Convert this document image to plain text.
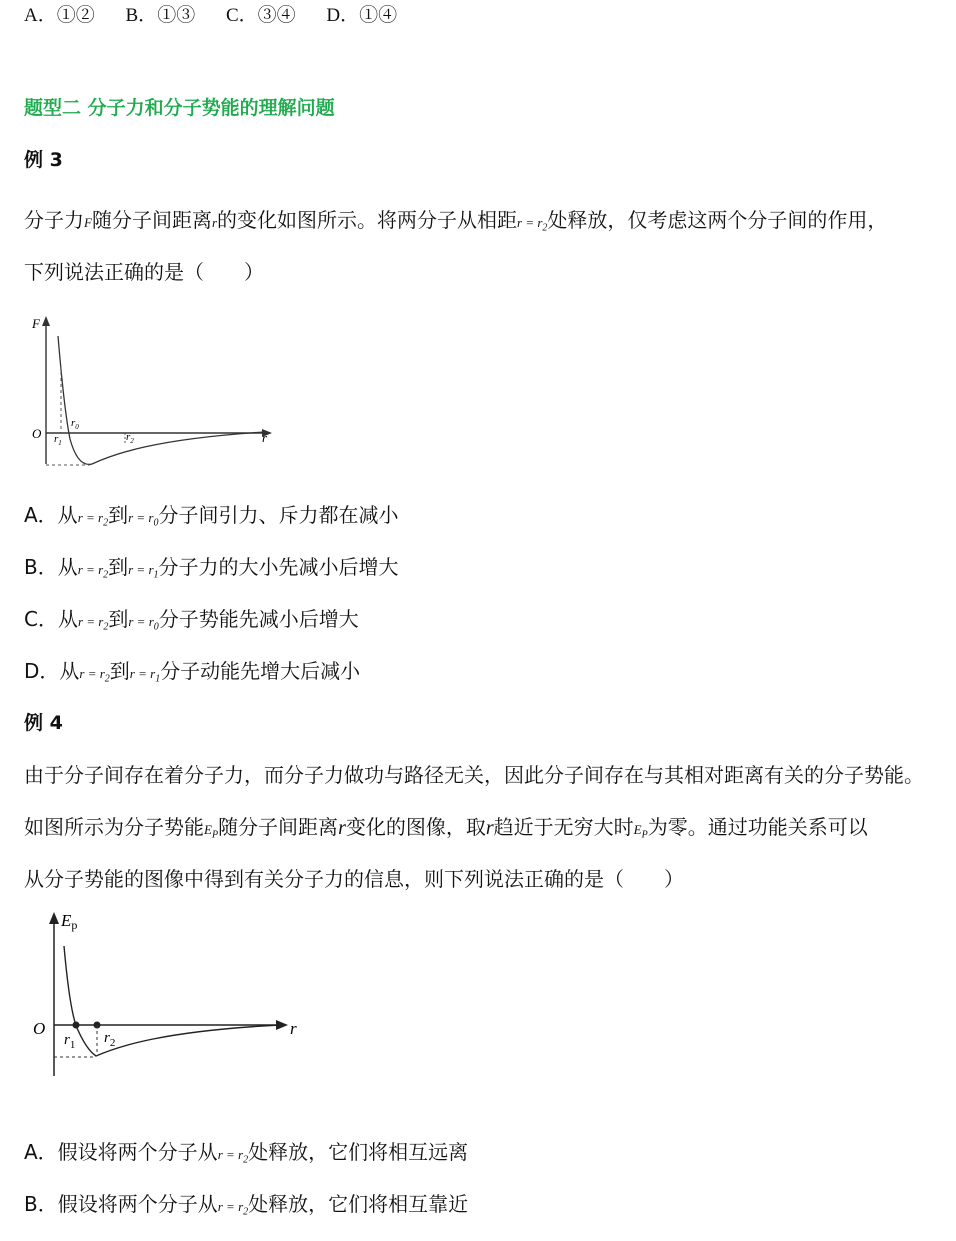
A．①② B．①③ C．③④ D．①④
题型二 分子力和分子势能的理解问题
例 3
分子力F随分子间距离r的变化如图所示。将两分子从相距$r = r_2$处释放，仅考虑这两个分子间的作用，
下列说法正确的是（　　）
F
O	r
$r_0$
$r_1$	$r_2$
A．从$r = r_2$到$r = r_0$分子间引力、斥力都在减小
B．从$r = r_2$到$r = r_1$分子力的大小先减小后增大
C．从$r = r_2$到$r = r_0$分子势能先减小后增大
D．从$r = r_2$到$r = r_1$分子动能先增大后减小
例 4
由于分子间存在着分子力，而分子力做功与路径无关，因此分子间存在与其相对距离有关的分子势能。
如图所示为分子势能$E_P$随分子间距离r变化的图像，取r趋近于无穷大时$E_P$为零。通过功能关系可以
从分子势能的图像中得到有关分子力的信息，则下列说法正确的是（　　）
Ep
O	r
$r_1$ $r_2$
A．假设将两个分子从$r = r_2$处释放，它们将相互远离
B．假设将两个分子从$r = r_2$处释放，它们将相互靠近
